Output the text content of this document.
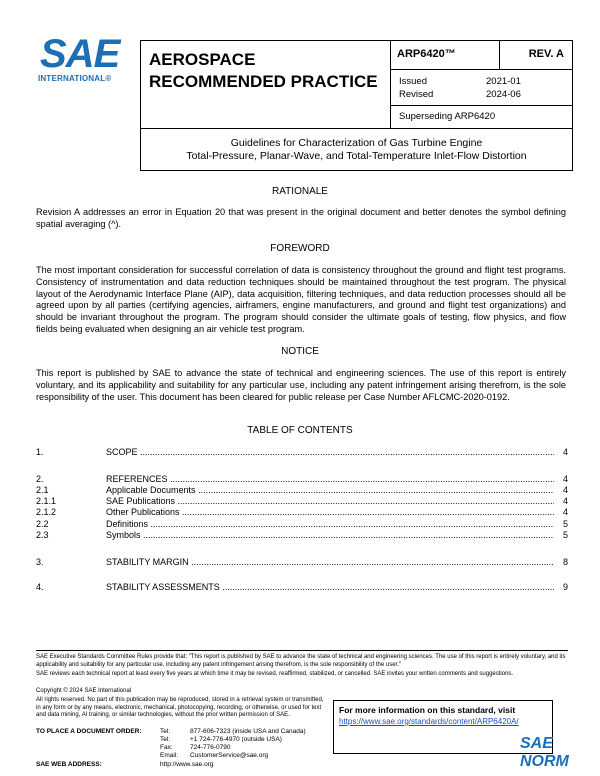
SAE
INTERNATIONAL®
AEROSPACE
RECOMMENDED PRACTICE
ARP6420™	REV. A
Issued	2021-01
Revised	2024-06
Superseding ARP6420
Guidelines for Characterization of Gas Turbine Engine
Total-Pressure, Planar-Wave, and Total-Temperature Inlet-Flow Distortion
RATIONALE
Revision A addresses an error in Equation 20 that was present in the original document and better denotes the symbol defining spatial averaging (^).
FOREWORD
The most important consideration for successful correlation of data is consistency throughout the ground and flight test programs. Consistency of instrumentation and data reduction techniques should be maintained throughout the test program. The physical layout of the Aerodynamic Interface Plane (AIP), data acquisition, filtering techniques, and data reduction processes should all be agreed upon by all parties (certifying agencies, airframers, engine manufacturers, and ground and flight test organizations) and should be invariant throughout the program. The program should consider the ultimate goals of testing, flow physics, and flow fields being evaluated when designing an air vehicle test program.
NOTICE
This report is published by SAE to advance the state of technical and engineering sciences. The use of this report is entirely voluntary, and its applicability and suitability for any particular use, including any patent infringement arising therefrom, is the sole responsibility of the user. This document has been cleared for public release per Case Number AFLCMC-2020-0192.
TABLE OF CONTENTS
1.	SCOPE .....	4
2.	REFERENCES .....	4
2.1	Applicable Documents .....	4
2.1.1	SAE Publications .....	4
2.1.2	Other Publications .....	4
2.2	Definitions .....	5
2.3	Symbols .....	5
3.	STABILITY MARGIN .....	8
4.	STABILITY ASSESSMENTS .....	9
SAE Executive Standards Committee Rules provide that: "This report is published by SAE to advance the state of technical and engineering sciences. The use of this report is entirely voluntary, and its applicability and suitability for any particular use, including any patent infringement arising therefrom, is the sole responsibility of the user."
SAE reviews each technical report at least every five years at which time it may be revised, reaffirmed, stabilized, or cancelled. SAE invites your written comments and suggestions.
Copyright © 2024 SAE International
All rights reserved. No part of this publication may be reproduced, stored in a retrieval system or transmitted, in any form or by any means, electronic, mechanical, photocopying, recording, or otherwise, or used for text and data mining, AI training, or similar technologies, without the prior written permission of SAE.
TO PLACE A DOCUMENT ORDER:	Tel:	877-606-7323 (inside USA and Canada)
Tel:	+1 724-776-4970 (outside USA)
Fax:	724-776-0790
Email: CustomerService@sae.org
SAE WEB ADDRESS:	http://www.sae.org
For more information on this standard, visit
https://www.sae.org/standards/content/ARP6420A/
SAE NORM
